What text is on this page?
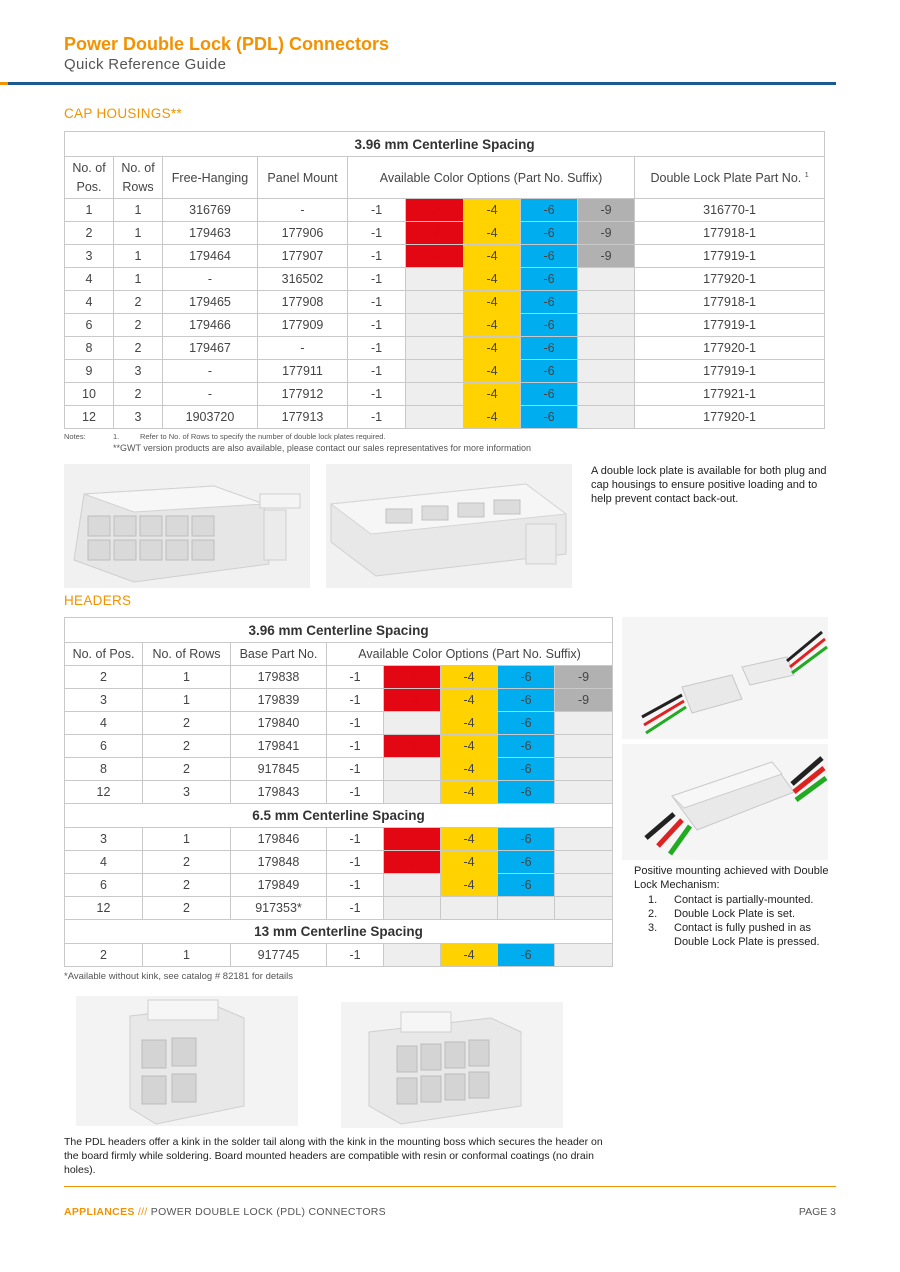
Power Double Lock (PDL) Connectors
Quick Reference Guide
CAP HOUSINGS**
3.96 mm Centerline Spacing									
No. of Pos.	No. of Rows	Free-Hanging	Panel Mount	Available Color Options (Part No. Suffix)					Double Lock Plate Part No. $^1$
1	1	316769	-	-1	-2	-4	-6	-9	316770-1
2	1	179463	177906	-1	-2	-4	-6	-9	177918-1
3	1	179464	177907	-1	-2	-4	-6	-9	177919-1
4	1	-	316502	-1		-4	-6		177920-1
4	2	179465	177908	-1		-4	-6		177918-1
6	2	179466	177909	-1		-4	-6		177919-1
8	2	179467	-	-1		-4	-6		177920-1
9	3	-	177911	-1		-4	-6		177919-1
10	2	-	177912	-1		-4	-6		177921-1
12	3	1903720	177913	-1		-4	-6		177920-1
Notes:	1.	Refer to No. of Rows to specify the number of double lock plates required.
**GWT version products are also available, please contact our sales representatives for more information
A double lock plate is available for both plug and cap housings to ensure positive loading and to help prevent contact back-out.
HEADERS
3.96 mm Centerline Spacing							
No. of Pos.	No. of Rows	Base Part No.	Available Color Options (Part No. Suffix)				
2	1	179838	-1	-2	-4	-6	-9
3	1	179839	-1	-2	-4	-6	-9
4	2	179840	-1		-4	-6	
6	2	179841	-1	-2	-4	-6	
8	2	917845	-1		-4	-6	
12	3	179843	-1		-4	-6	
6.5 mm Centerline Spacing							
3	1	179846	-1	-2	-4	-6	
4	2	179848	-1	-2	-4	-6	
6	2	179849	-1		-4	-6	
12	2	917353*	-1				
13 mm Centerline Spacing							
2	1	917745	-1		-4	-6	
*Available without kink, see catalog # 82181 for details
Positive mounting achieved with Double Lock Mechanism:
1.	Contact is partially-mounted.
2.	Double Lock Plate is set.
3.	Contact is fully pushed in as Double Lock Plate is pressed.
The PDL headers offer a kink in the solder tail along with the kink in the mounting boss which secures the header on the board firmly while soldering. Board mounted headers are compatible with resin or conformal coatings (no drain holes).
APPLIANCES /// POWER DOUBLE LOCK (PDL) CONNECTORS	PAGE 3
